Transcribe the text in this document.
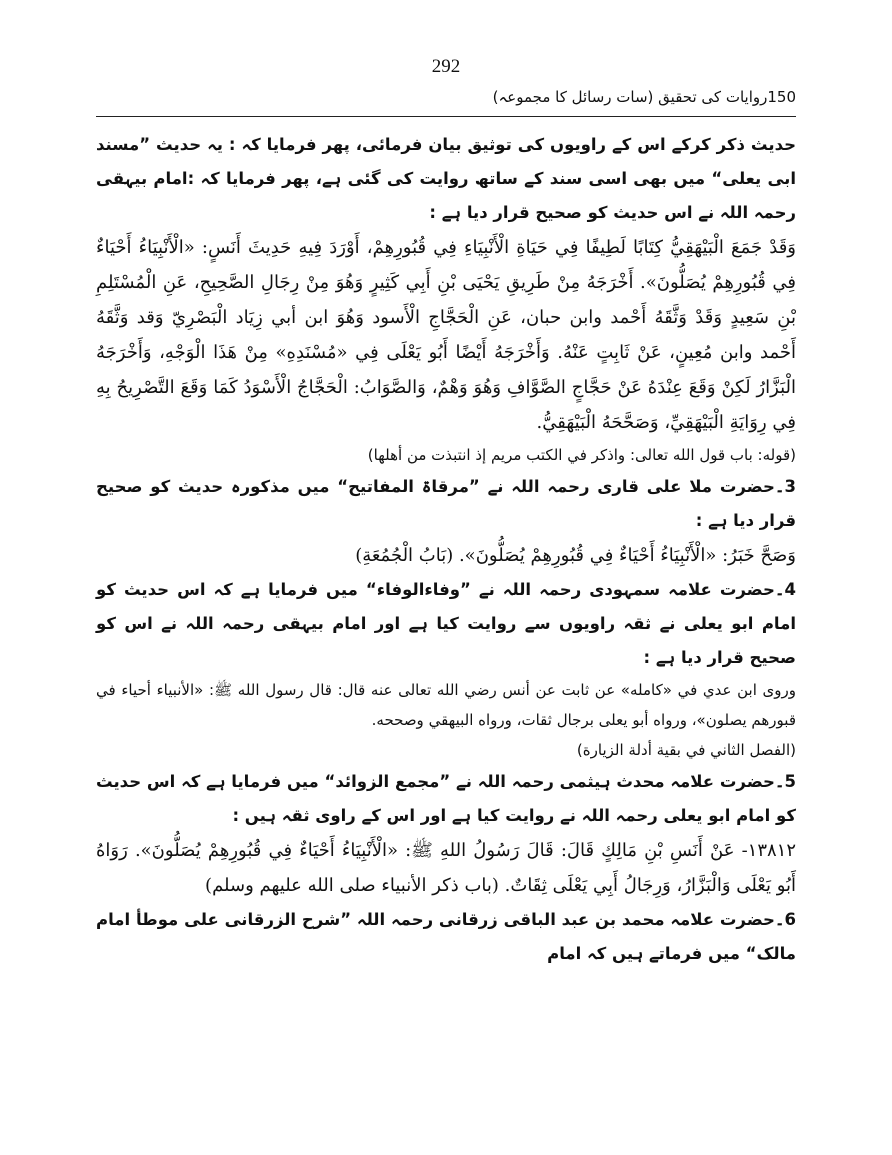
292
150روایات کی تحقیق (سات رسائل کا مجموعہ)

حدیث ذکر کرکے اس کے راویوں کی توثیق بیان فرمائی، پھر فرمایا کہ : یہ حدیث ”مسند ابی یعلی“ میں بھی اسی سند کے ساتھ روایت کی گئی ہے، پھر فرمایا کہ :امام بیہقی رحمہ اللہ نے اس حدیث کو صحیح قرار دیا ہے :

وَقَدْ جَمَعَ الْبَيْهَقِيُّ كِتَابًا لَطِيفًا فِي حَيَاةِ الْأَنْبِيَاءِ فِي قُبُورِهِمْ، أَوْرَدَ فِيهِ حَدِيثَ أَنَسٍ: «الْأَنْبِيَاءُ أَحْيَاءٌ فِي قُبُورِهِمْ يُصَلُّونَ». أَخْرَجَهُ مِنْ طَرِيقِ يَحْيَى بْنِ أَبِي كَثِيرٍ وَهُوَ مِنْ رِجَالِ الصَّحِيحِ، عَنِ الْمُسْتَلِمِ بْنِ سَعِيدٍ وَقَدْ وَثَّقَهُ أَحْمد وابن حبان، عَنِ الْحَجَّاجِ الْأَسود وَهُوَ ابن أبي زِيَاد الْبَصْرِيّ وَقد وَثَّقَهُ أَحْمد وابن مُعِينٍ، عَنْ ثَابِتٍ عَنْهُ. وَأَخْرَجَهُ أَيْضًا أَبُو يَعْلَى فِي «مُسْنَدِهِ» مِنْ هَذَا الْوَجْهِ، وَأَخْرَجَهُ الْبَزَّارُ لَكِنْ وَقَعَ عِنْدَهُ عَنْ حَجَّاجٍ الصَّوَّافِ وَهُوَ وَهْمٌ، وَالصَّوَابُ: الْحَجَّاجُ الْأَسْوَدُ كَمَا وَقَعَ التَّصْرِيحُ بِهِ فِي رِوَايَةِ الْبَيْهَقِيِّ، وَصَحَّحَهُ الْبَيْهَقِيُّ.

(قوله: باب قول الله تعالى: واذكر في الكتب مريم إذ انتبذت من أهلها)

3۔حضرت ملا علی قاری رحمہ اللہ نے ”مرقاۃ المفاتیح“ میں مذکورہ حدیث کو صحیح قرار دیا ہے :

وَصَحَّ خَبَرُ: «الْأَنْبِيَاءُ أَحْيَاءٌ فِي قُبُورِهِمْ يُصَلُّونَ». (بَابُ الْجُمُعَةِ)

4۔حضرت علامہ سمہودی رحمہ اللہ نے ”وفاءالوفاء“ میں فرمایا ہے کہ اس حدیث کو امام ابو یعلی نے ثقہ راویوں سے روایت کیا ہے اور امام بیہقی رحمہ اللہ نے اس کو صحیح قرار دیا ہے :

وروى ابن عدي في «كامله» عن ثابت عن أنس رضي الله تعالى عنه قال: قال رسول الله ﷺ: «الأنبياء أحياء في قبورهم يصلون»، ورواه أبو يعلى برجال ثقات، ورواه البيهقي وصححه.

(الفصل الثاني في بقية أدلة الزيارة)

5۔حضرت علامہ محدث ہیثمی رحمہ اللہ نے ”مجمع الزوائد“ میں فرمایا ہے کہ اس حدیث کو امام ابو یعلی رحمہ اللہ نے روایت کیا ہے اور اس کے راوی ثقہ ہیں :

١٣٨١٢- عَنْ أَنَسِ بْنِ مَالِكٍ قَالَ: قَالَ رَسُولُ اللهِ ﷺ: «الْأَنْبِيَاءُ أَحْيَاءٌ فِي قُبُورِهِمْ يُصَلُّونَ». رَوَاهُ أَبُو يَعْلَى وَالْبَزَّارُ، وَرِجَالُ أَبِي يَعْلَى ثِقَاتٌ. (باب ذكر الأنبياء صلى الله عليهم وسلم)

6۔حضرت علامہ محمد بن عبد الباقی زرقانی رحمہ اللہ ”شرح الزرقانی علی موطأ امام مالک“ میں فرماتے ہیں کہ امام
